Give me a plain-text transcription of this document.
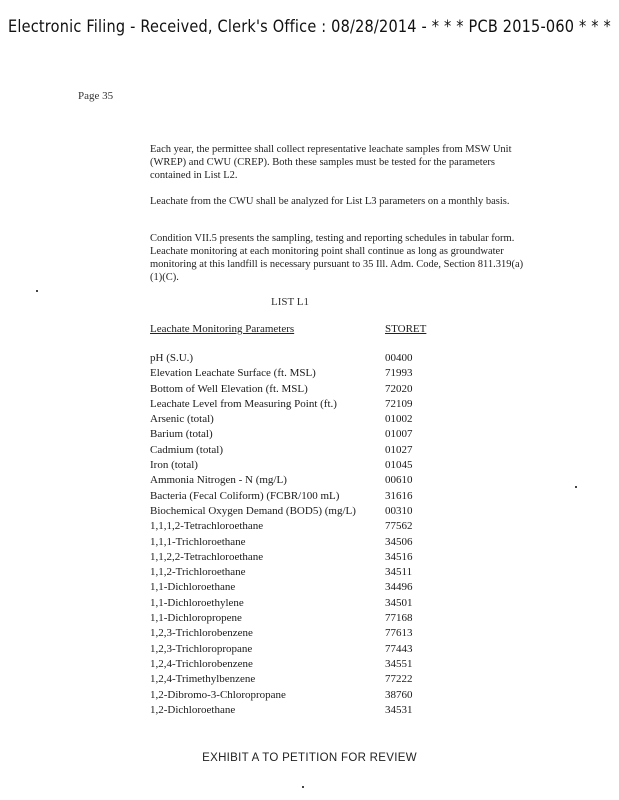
Electronic Filing - Received, Clerk's Office : 08/28/2014 - * * * PCB 2015-060 * * *
Page 35
Each year, the permittee shall collect representative leachate samples from MSW Unit (WREP) and CWU (CREP). Both these samples must be tested for the parameters contained in List L2.
Leachate from the CWU shall be analyzed for List L3 parameters on a monthly basis.
Condition VII.5 presents the sampling, testing and reporting schedules in tabular form. Leachate monitoring at each monitoring point shall continue as long as groundwater monitoring at this landfill is necessary pursuant to 35 Ill. Adm. Code, Section 811.319(a)(1)(C).
LIST L1
Leachate Monitoring Parameters	STORET
pH (S.U.)	00400
Elevation Leachate Surface (ft. MSL)	71993
Bottom of Well Elevation (ft. MSL)	72020
Leachate Level from Measuring Point (ft.)	72109
Arsenic (total)	01002
Barium (total)	01007
Cadmium (total)	01027
Iron (total)	01045
Ammonia Nitrogen - N (mg/L)	00610
Bacteria (Fecal Coliform) (FCBR/100 mL)	31616
Biochemical Oxygen Demand (BOD5) (mg/L)	00310
1,1,1,2-Tetrachloroethane	77562
1,1,1-Trichloroethane	34506
1,1,2,2-Tetrachloroethane	34516
1,1,2-Trichloroethane	34511
1,1-Dichloroethane	34496
1,1-Dichloroethylene	34501
1,1-Dichloropropene	77168
1,2,3-Trichlorobenzene	77613
1,2,3-Trichloropropane	77443
1,2,4-Trichlorobenzene	34551
1,2,4-Trimethylbenzene	77222
1,2-Dibromo-3-Chloropropane	38760
1,2-Dichloroethane	34531
EXHIBIT A TO PETITION FOR REVIEW
